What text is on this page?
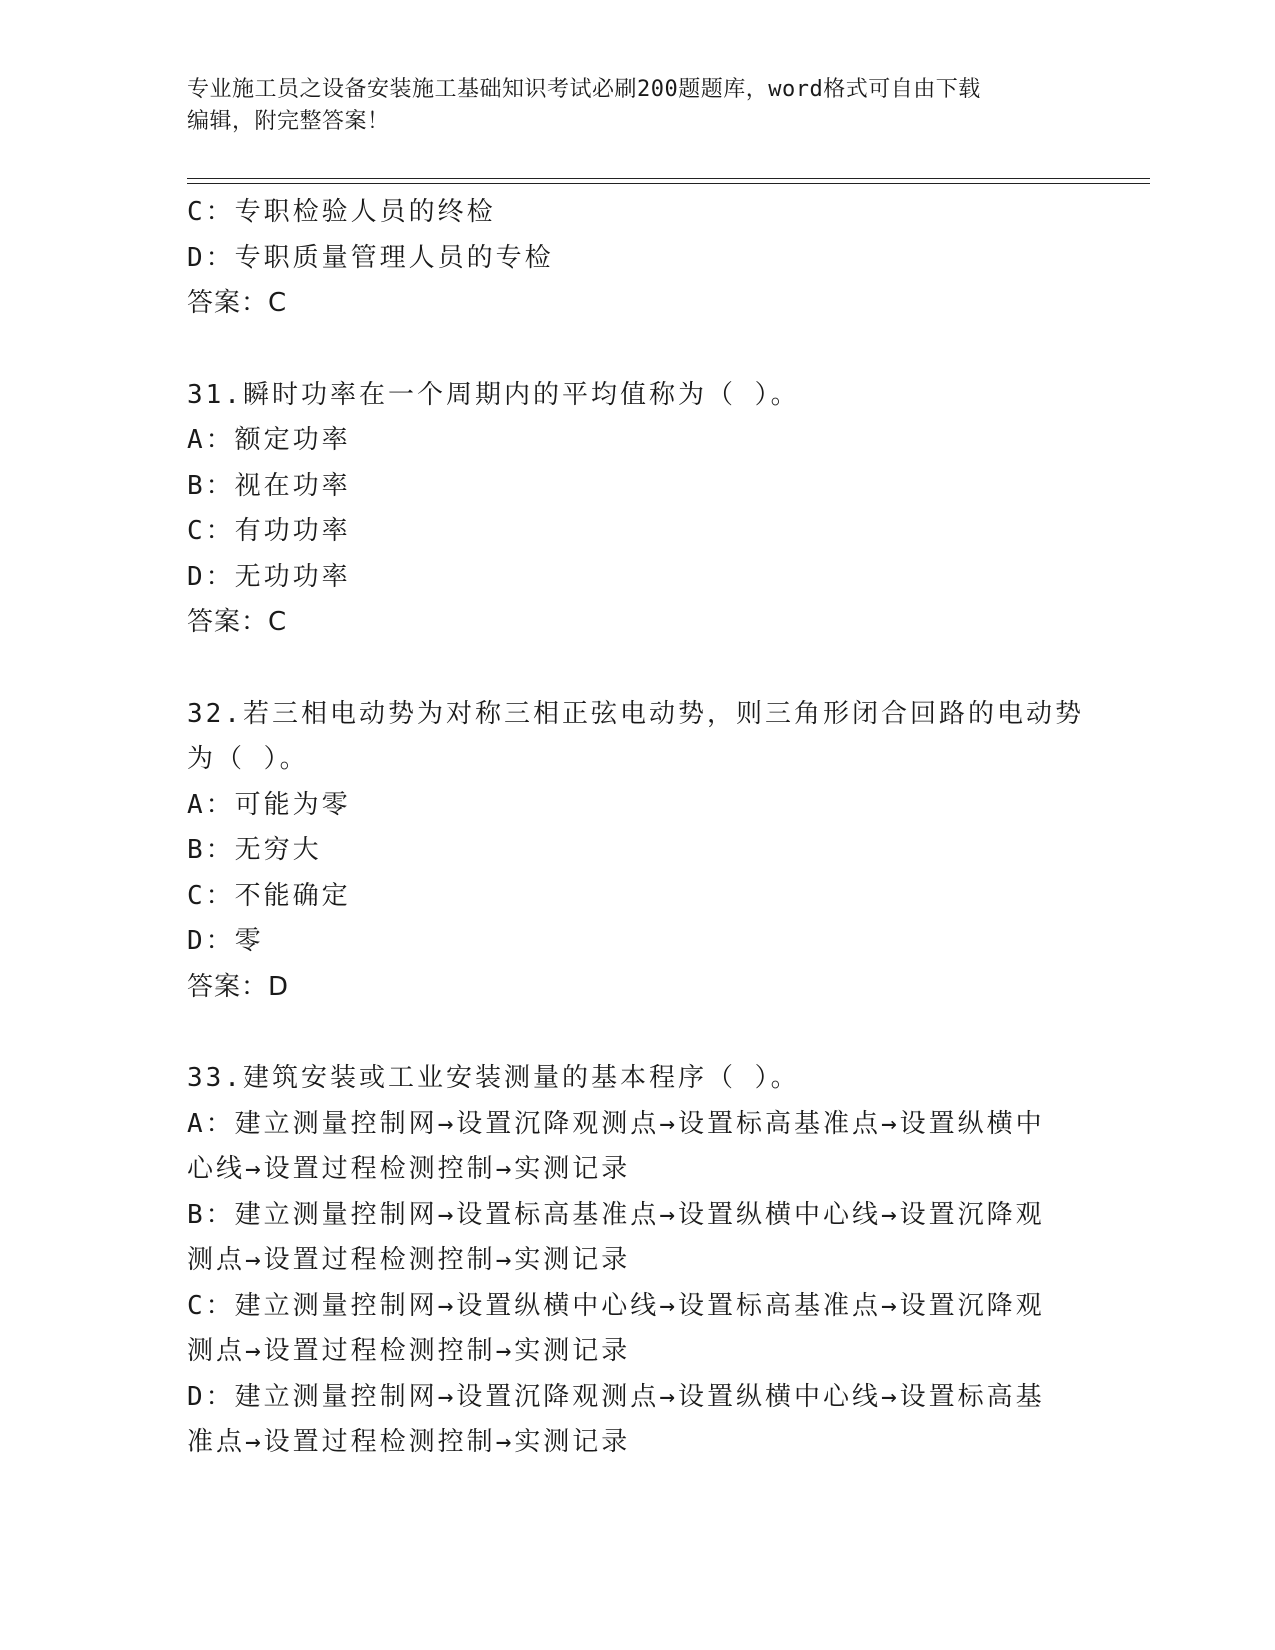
专业施工员之设备安装施工基础知识考试必刷200题题库，word格式可自由下载
编辑，附完整答案！
C：专职检验人员的终检
D：专职质量管理人员的专检
答案：C
31.瞬时功率在一个周期内的平均值称为（ ）。
A：额定功率
B：视在功率
C：有功功率
D：无功功率
答案：C
32.若三相电动势为对称三相正弦电动势，则三角形闭合回路的电动势
为（ ）。
A：可能为零
B：无穷大
C：不能确定
D：零
答案：D
33.建筑安装或工业安装测量的基本程序（ ）。
A：建立测量控制网→设置沉降观测点→设置标高基准点→设置纵横中
心线→设置过程检测控制→实测记录
B：建立测量控制网→设置标高基准点→设置纵横中心线→设置沉降观
测点→设置过程检测控制→实测记录
C：建立测量控制网→设置纵横中心线→设置标高基准点→设置沉降观
测点→设置过程检测控制→实测记录
D：建立测量控制网→设置沉降观测点→设置纵横中心线→设置标高基
准点→设置过程检测控制→实测记录
